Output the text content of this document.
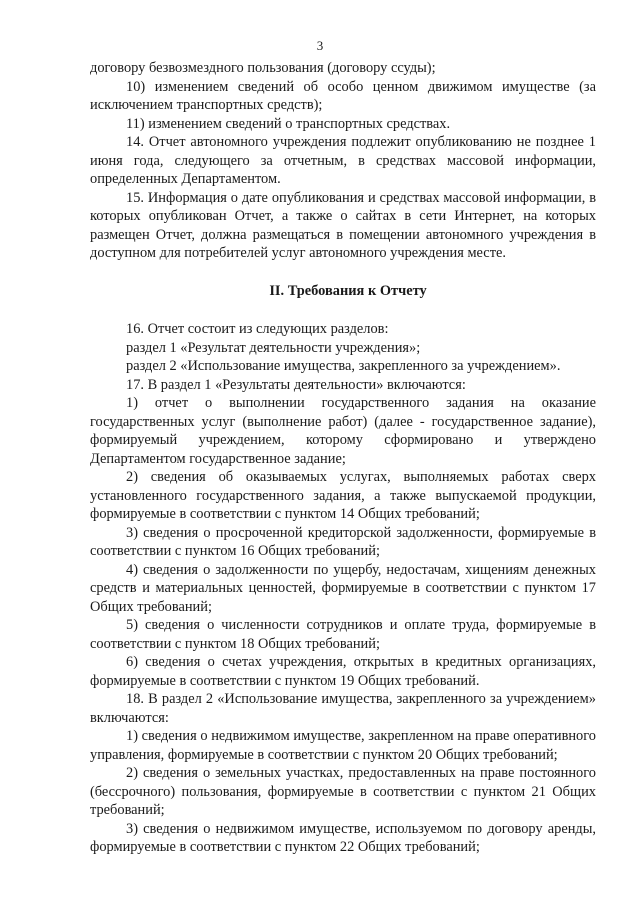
3

договору безвозмездного пользования (договору ссуды);

10) изменением сведений об особо ценном движимом имуществе (за исключением транспортных средств);

11) изменением сведений о транспортных средствах.

14. Отчет автономного учреждения подлежит опубликованию не позднее 1 июня года, следующего за отчетным, в средствах массовой информации, определенных Департаментом.

15. Информация о дате опубликования и средствах массовой информации, в которых опубликован Отчет, а также о сайтах в сети Интернет, на которых размещен Отчет, должна размещаться в помещении автономного учреждения в доступном для потребителей услуг автономного учреждения месте.

II. Требования к Отчету

16. Отчет состоит из следующих разделов:

раздел 1 «Результат деятельности учреждения»;

раздел 2 «Использование имущества, закрепленного за учреждением».

17. В раздел 1 «Результаты деятельности» включаются:

1) отчет о выполнении государственного задания на оказание государственных услуг (выполнение работ) (далее - государственное задание), формируемый учреждением, которому сформировано и утверждено Департаментом государственное задание;

2) сведения об оказываемых услугах, выполняемых работах сверх установленного государственного задания, а также выпускаемой продукции, формируемые в соответствии с пунктом 14 Общих требований;

3) сведения о просроченной кредиторской задолженности, формируемые в соответствии с пунктом 16 Общих требований;

4) сведения о задолженности по ущербу, недостачам, хищениям денежных средств и материальных ценностей, формируемые в соответствии с пунктом 17 Общих требований;

5) сведения о численности сотрудников и оплате труда, формируемые в соответствии с пунктом 18 Общих требований;

6) сведения о счетах учреждения, открытых в кредитных организациях, формируемые в соответствии с пунктом 19 Общих требований.

18. В раздел 2 «Использование имущества, закрепленного за учреждением» включаются:

1) сведения о недвижимом имуществе, закрепленном на праве оперативного управления, формируемые в соответствии с пунктом 20 Общих требований;

2) сведения о земельных участках, предоставленных на праве постоянного (бессрочного) пользования, формируемые в соответствии с пунктом 21 Общих требований;

3) сведения о недвижимом имуществе, используемом по договору аренды, формируемые в соответствии с пунктом 22 Общих требований;
